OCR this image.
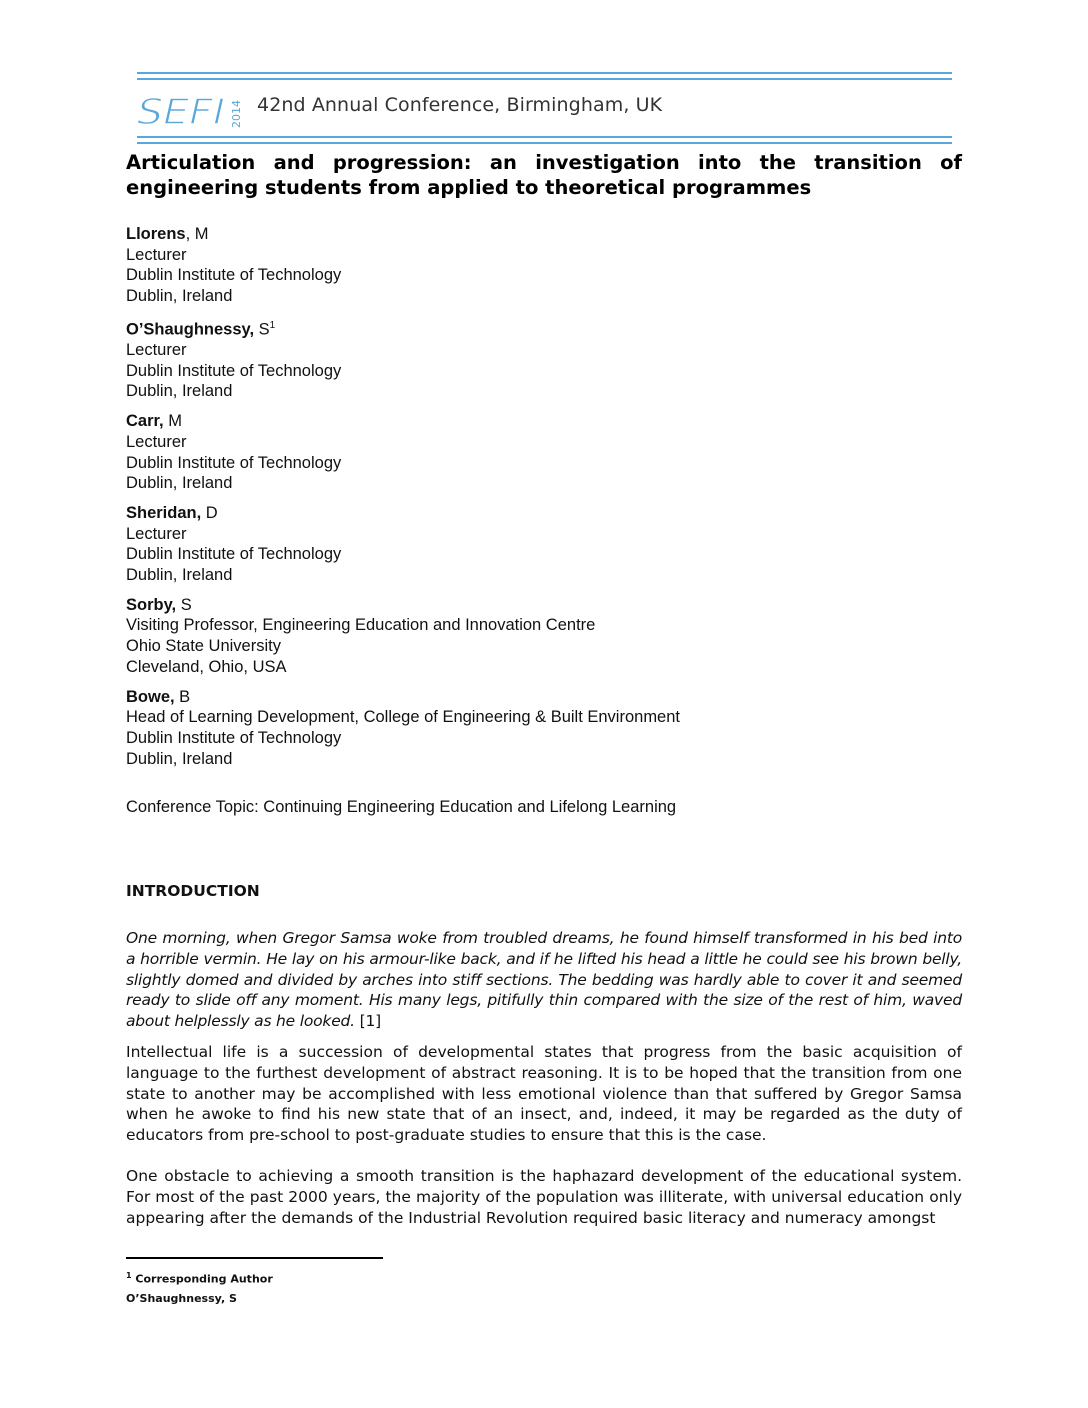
SEFI 2014 42nd Annual Conference, Birmingham, UK
Articulation and progression: an investigation into the transition of engineering students from applied to theoretical programmes
Llorens, M
Lecturer
Dublin Institute of Technology
Dublin, Ireland
O’Shaughnessy, $S^1$
Lecturer
Dublin Institute of Technology
Dublin, Ireland
Carr, M
Lecturer
Dublin Institute of Technology
Dublin, Ireland
Sheridan, D
Lecturer
Dublin Institute of Technology
Dublin, Ireland
Sorby, S
Visiting Professor, Engineering Education and Innovation Centre
Ohio State University
Cleveland, Ohio, USA
Bowe, B
Head of Learning Development, College of Engineering & Built Environment
Dublin Institute of Technology
Dublin, Ireland
Conference Topic: Continuing Engineering Education and Lifelong Learning
INTRODUCTION
One morning, when Gregor Samsa woke from troubled dreams, he found himself transformed in his bed into a horrible vermin. He lay on his armour-like back, and if he lifted his head a little he could see his brown belly, slightly domed and divided by arches into stiff sections. The bedding was hardly able to cover it and seemed ready to slide off any moment. His many legs, pitifully thin compared with the size of the rest of him, waved about helplessly as he looked. [1]
Intellectual life is a succession of developmental states that progress from the basic acquisition of language to the furthest development of abstract reasoning. It is to be hoped that the transition from one state to another may be accomplished with less emotional violence than that suffered by Gregor Samsa when he awoke to find his new state that of an insect, and, indeed, it may be regarded as the duty of educators from pre-school to post-graduate studies to ensure that this is the case.
One obstacle to achieving a smooth transition is the haphazard development of the educational system. For most of the past 2000 years, the majority of the population was illiterate, with universal education only appearing after the demands of the Industrial Revolution required basic literacy and numeracy amongst
$^1$ Corresponding Author
O’Shaughnessy, S
